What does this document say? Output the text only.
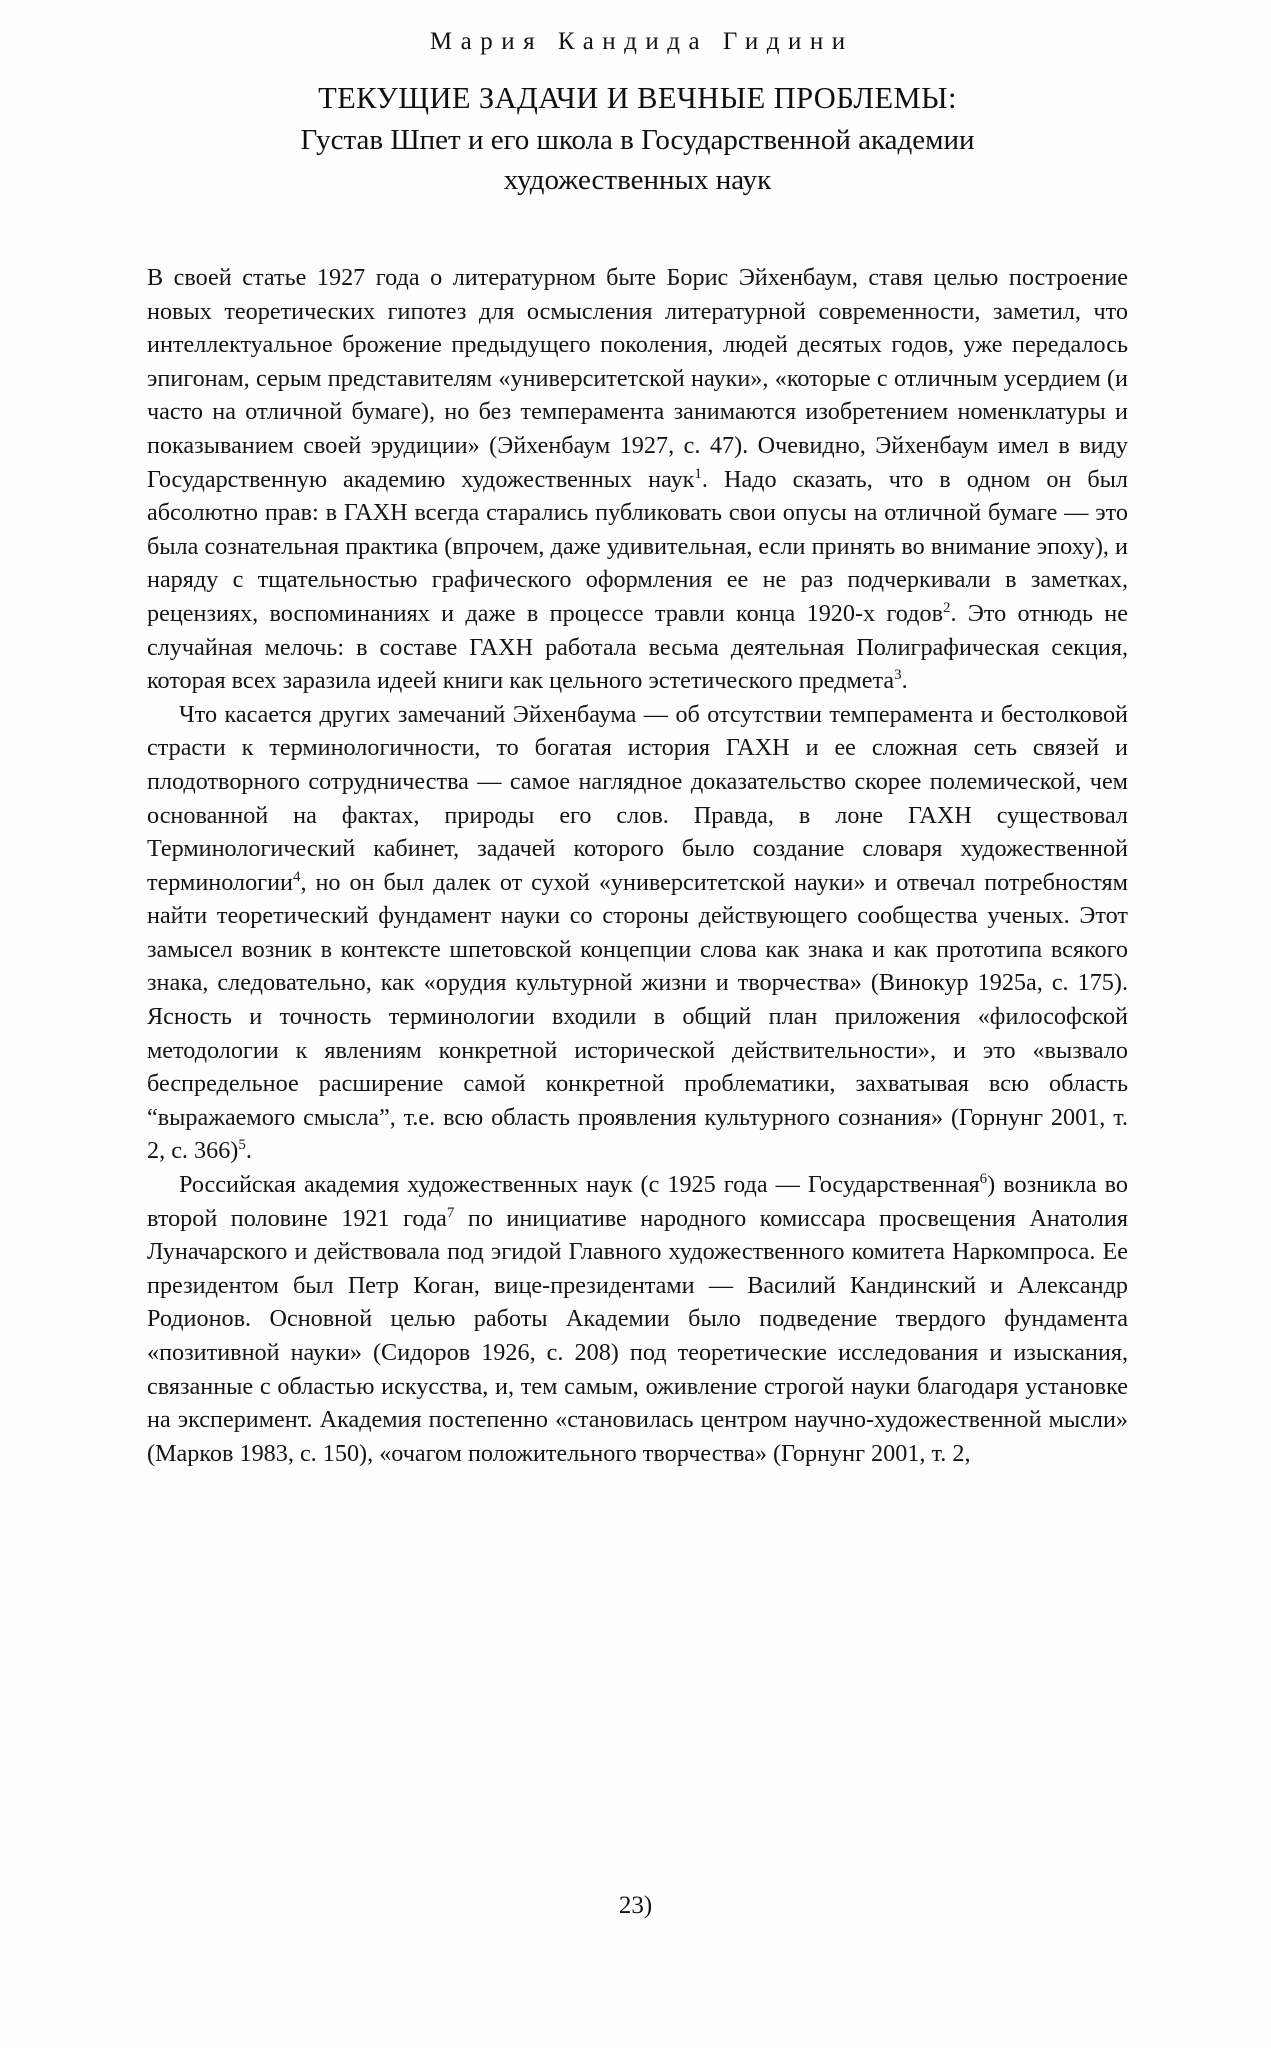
Мария Кандида Гидини
ТЕКУЩИЕ ЗАДАЧИ И ВЕЧНЫЕ ПРОБЛЕМЫ:
Густав Шпет и его школа в Государственной академии
художественных наук

В своей статье 1927 года о литературном быте Борис Эйхенбаум, ставя целью построение новых теоретических гипотез для осмысления литературной современности, заметил, что интеллектуальное брожение предыдущего поколения, людей десятых годов, уже передалось эпигонам, серым представителям «университетской науки», «которые с отличным усердием (и часто на отличной бумаге), но без темперамента занимаются изобретением номенклатуры и показыванием своей эрудиции» (Эйхенбаум 1927, с. 47). Очевидно, Эйхенбаум имел в виду Государственную академию художественных наук$^1$. Надо сказать, что в одном он был абсолютно прав: в ГАХН всегда старались публиковать свои опусы на отличной бумаге — это была сознательная практика (впрочем, даже удивительная, если принять во внимание эпоху), и наряду с тщательностью графического оформления ее не раз подчеркивали в заметках, рецензиях, воспоминаниях и даже в процессе травли конца 1920-х годов$^2$. Это отнюдь не случайная мелочь: в составе ГАХН работала весьма деятельная Полиграфическая секция, которая всех заразила идеей книги как цельного эстетического предмета$^3$.

Что касается других замечаний Эйхенбаума — об отсутствии темперамента и бестолковой страсти к терминологичности, то богатая история ГАХН и ее сложная сеть связей и плодотворного сотрудничества — самое наглядное доказательство скорее полемической, чем основанной на фактах, природы его слов. Правда, в лоне ГАХН существовал Терминологический кабинет, задачей которого было создание словаря художественной терминологии$^4$, но он был далек от сухой «университетской науки» и отвечал потребностям найти теоретический фундамент науки со стороны действующего сообщества ученых. Этот замысел возник в контексте шпетовской концепции слова как знака и как прототипа всякого знака, следовательно, как «орудия культурной жизни и творчества» (Винокур 1925а, с. 175). Ясность и точность терминологии входили в общий план приложения «философской методологии к явлениям конкретной исторической действительности», и это «вызвало беспредельное расширение самой конкретной проблематики, захватывая всю область “выражаемого смысла”, т.е. всю область проявления культурного сознания» (Горнунг 2001, т. 2, с. 366)$^5$.

Российская академия художественных наук (с 1925 года — Государственная$^6$) возникла во второй половине 1921 года$^7$ по инициативе народного комиссара просвещения Анатолия Луначарского и действовала под эгидой Главного художественного комитета Наркомпроса. Ее президентом был Петр Коган, вице-президентами — Василий Кандинский и Александр Родионов. Основной целью работы Академии было подведение твердого фундамента «позитивной науки» (Сидоров 1926, с. 208) под теоретические исследования и изыскания, связанные с областью искусства, и, тем самым, оживление строгой науки благодаря установке на эксперимент. Академия постепенно «становилась центром научно-художественной мысли» (Марков 1983, с. 150), «очагом положительного творчества» (Горнунг 2001, т. 2,

23)
